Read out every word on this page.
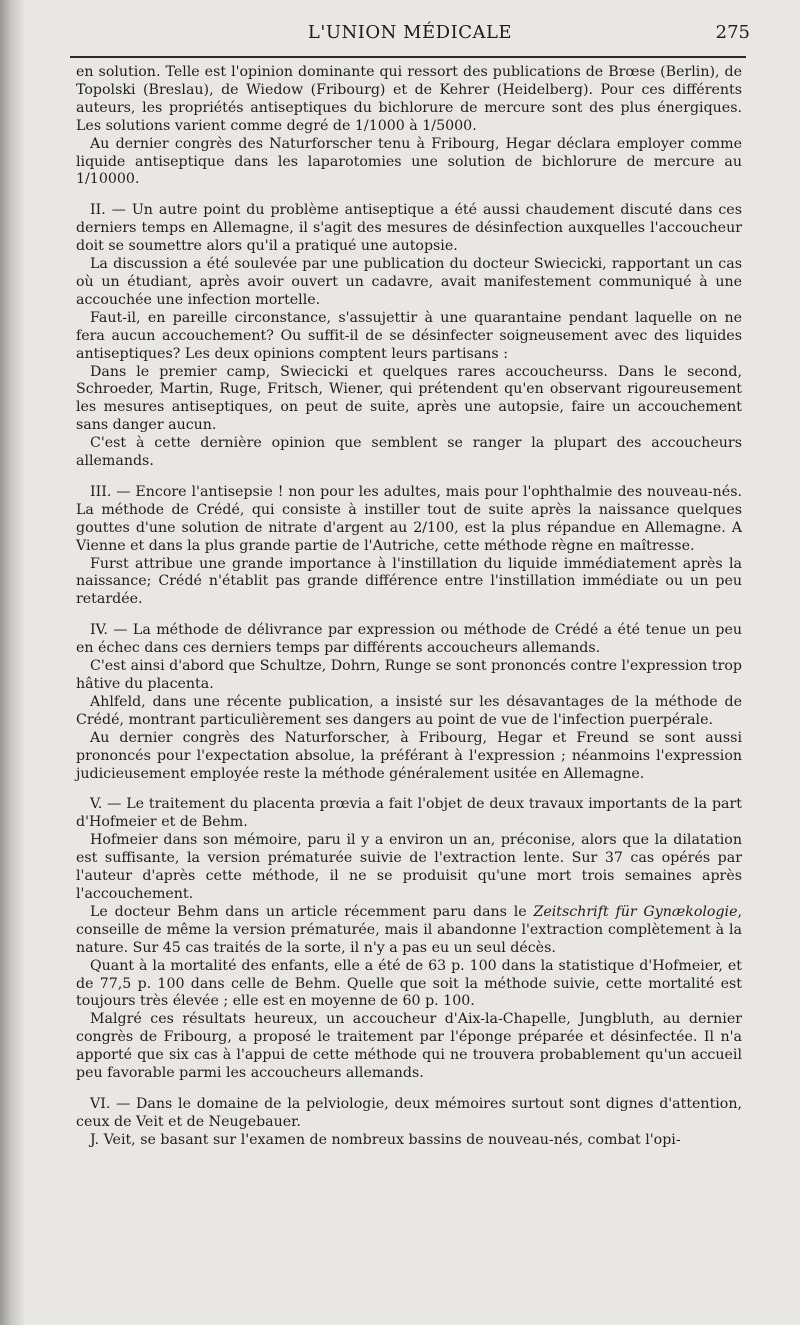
L'UNION MÉDICALE	275

en solution. Telle est l'opinion dominante qui ressort des publications de Brœse (Berlin), de Topolski (Breslau), de Wiedow (Fribourg) et de Kehrer (Heidelberg). Pour ces différents auteurs, les propriétés antiseptiques du bichlorure de mercure sont des plus énergiques. Les solutions varient comme degré de 1/1000 à 1/5000.

Au dernier congrès des Naturforscher tenu à Fribourg, Hegar déclara employer comme liquide antiseptique dans les laparotomies une solution de bichlorure de mercure au 1/10000.

II. — Un autre point du problème antiseptique a été aussi chaudement discuté dans ces derniers temps en Allemagne, il s'agit des mesures de désinfection auxquelles l'accoucheur doit se soumettre alors qu'il a pratiqué une autopsie.

La discussion a été soulevée par une publication du docteur Swiecicki, rapportant un cas où un étudiant, après avoir ouvert un cadavre, avait manifestement communiqué à une accouchée une infection mortelle.

Faut-il, en pareille circonstance, s'assujettir à une quarantaine pendant laquelle on ne fera aucun accouchement? Ou suffit-il de se désinfecter soigneusement avec des liquides antiseptiques? Les deux opinions comptent leurs partisans :

Dans le premier camp, Swiecicki et quelques rares accoucheurss. Dans le second, Schroeder, Martin, Ruge, Fritsch, Wiener, qui prétendent qu'en observant rigoureusement les mesures antiseptiques, on peut de suite, après une autopsie, faire un accouchement sans danger aucun.

C'est à cette dernière opinion que semblent se ranger la plupart des accoucheurs allemands.

III. — Encore l'antisepsie ! non pour les adultes, mais pour l'ophthalmie des nouveau-nés. La méthode de Crédé, qui consiste à instiller tout de suite après la naissance quelques gouttes d'une solution de nitrate d'argent au 2/100, est la plus répandue en Allemagne. A Vienne et dans la plus grande partie de l'Autriche, cette méthode règne en maîtresse.

Furst attribue une grande importance à l'instillation du liquide immédiatement après la naissance; Crédé n'établit pas grande différence entre l'instillation immédiate ou un peu retardée.

IV. — La méthode de délivrance par expression ou méthode de Crédé a été tenue un peu en échec dans ces derniers temps par différents accoucheurs allemands.

C'est ainsi d'abord que Schultze, Dohrn, Runge se sont prononcés contre l'expression trop hâtive du placenta.

Ahlfeld, dans une récente publication, a insisté sur les désavantages de la méthode de Crédé, montrant particulièrement ses dangers au point de vue de l'infection puerpérale.

Au dernier congrès des Naturforscher, à Fribourg, Hegar et Freund se sont aussi prononcés pour l'expectation absolue, la préférant à l'expression ; néanmoins l'expression judicieusement employée reste la méthode généralement usitée en Allemagne.

V. — Le traitement du placenta prœvia a fait l'objet de deux travaux importants de la part d'Hofmeier et de Behm.

Hofmeier dans son mémoire, paru il y a environ un an, préconise, alors que la dilatation est suffisante, la version prématurée suivie de l'extraction lente. Sur 37 cas opérés par l'auteur d'après cette méthode, il ne se produisit qu'une mort trois semaines après l'accouchement.

Le docteur Behm dans un article récemment paru dans le Zeitschrift für Gynækologie, conseille de même la version prématurée, mais il abandonne l'extraction complètement à la nature. Sur 45 cas traités de la sorte, il n'y a pas eu un seul décès.

Quant à la mortalité des enfants, elle a été de 63 p. 100 dans la statistique d'Hofmeier, et de 77,5 p. 100 dans celle de Behm. Quelle que soit la méthode suivie, cette mortalité est toujours très élevée ; elle est en moyenne de 60 p. 100.

Malgré ces résultats heureux, un accoucheur d'Aix-la-Chapelle, Jungbluth, au dernier congrès de Fribourg, a proposé le traitement par l'éponge préparée et désinfectée. Il n'a apporté que six cas à l'appui de cette méthode qui ne trouvera probablement qu'un accueil peu favorable parmi les accoucheurs allemands.

VI. — Dans le domaine de la pelviologie, deux mémoires surtout sont dignes d'attention, ceux de Veit et de Neugebauer.

J. Veit, se basant sur l'examen de nombreux bassins de nouveau-nés, combat l'opi-
